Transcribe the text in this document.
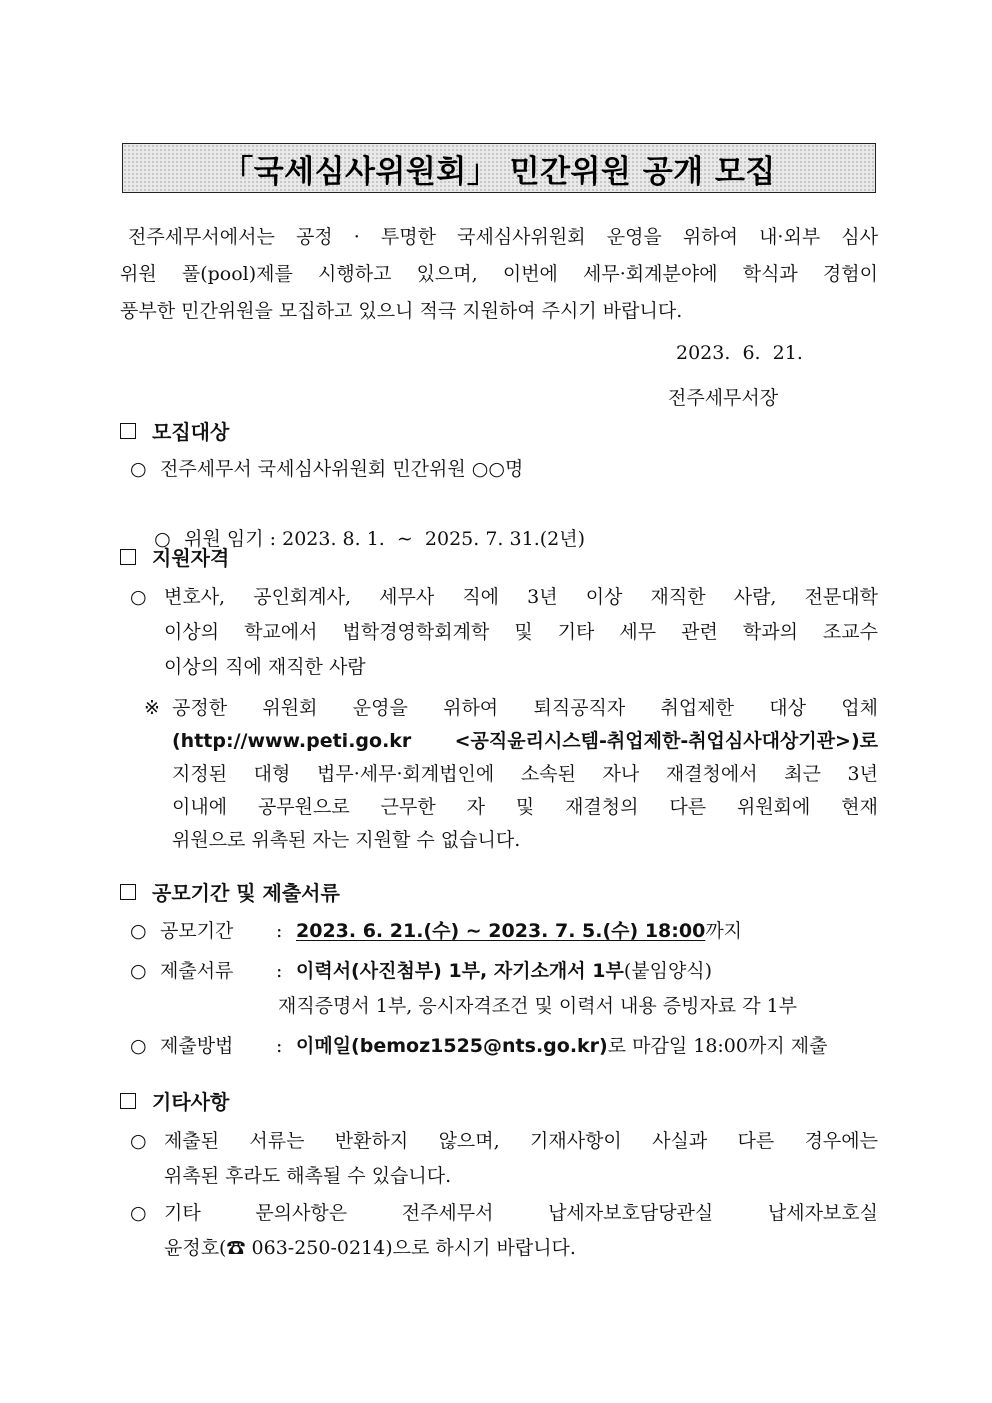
「국세심사위원회」 민간위원 공개 모집
전주세무서에서는 공정 · 투명한 국세심사위원회 운영을 위하여 내·외부 심사
위원 풀(pool)제를 시행하고 있으며, 이번에 세무·회계분야에 학식과 경험이
풍부한 민간위원을 모집하고 있으니 적극 지원하여 주시기 바랍니다.
2023.  6.  21.
전주세무서장
모집대상
○ 전주세무서 국세심사위원회 민간위원 ○○명

○ 위원 임기 : 2023. 8. 1.  ∼  2025. 7. 31.(2년)

지원자격
○ 변호사, 공인회계사, 세무사 직에 3년 이상 재직한 사람, 전문대학
이상의 학교에서 법학경영학회계학 및 기타 세무 관련 학과의 조교수
이상의 직에 재직한 사람
※ 공정한 위원회 운영을 위하여 퇴직공직자 취업제한 대상 업체
(http://www.peti.go.kr   <공직윤리시스템-취업제한-취업심사대상기관>)로
지정된 대형 법무·세무·회계법인에 소속된 자나 재결청에서 최근 3년
이내에 공무원으로 근무한 자 및 재결청의 다른 위원회에 현재
위원으로 위촉된 자는 지원할 수 없습니다.
공모기간 및 제출서류
○ 공모기간 : 2023. 6. 21.(수) ∼ 2023. 7. 5.(수) 18:00까지
○ 제출서류 : 이력서(사진첨부) 1부, 자기소개서 1부(붙임양식)
재직증명서 1부, 응시자격조건 및 이력서 내용 증빙자료 각 1부
○ 제출방법 : 이메일(bemoz1525@nts.go.kr)로 마감일 18:00까지 제출
기타사항
○ 제출된 서류는 반환하지 않으며, 기재사항이 사실과 다른 경우에는
위촉된 후라도 해촉될 수 있습니다.
○ 기타 문의사항은 전주세무서 납세자보호담당관실 납세자보호실
윤정호(☎ 063-250-0214)으로 하시기 바랍니다.
